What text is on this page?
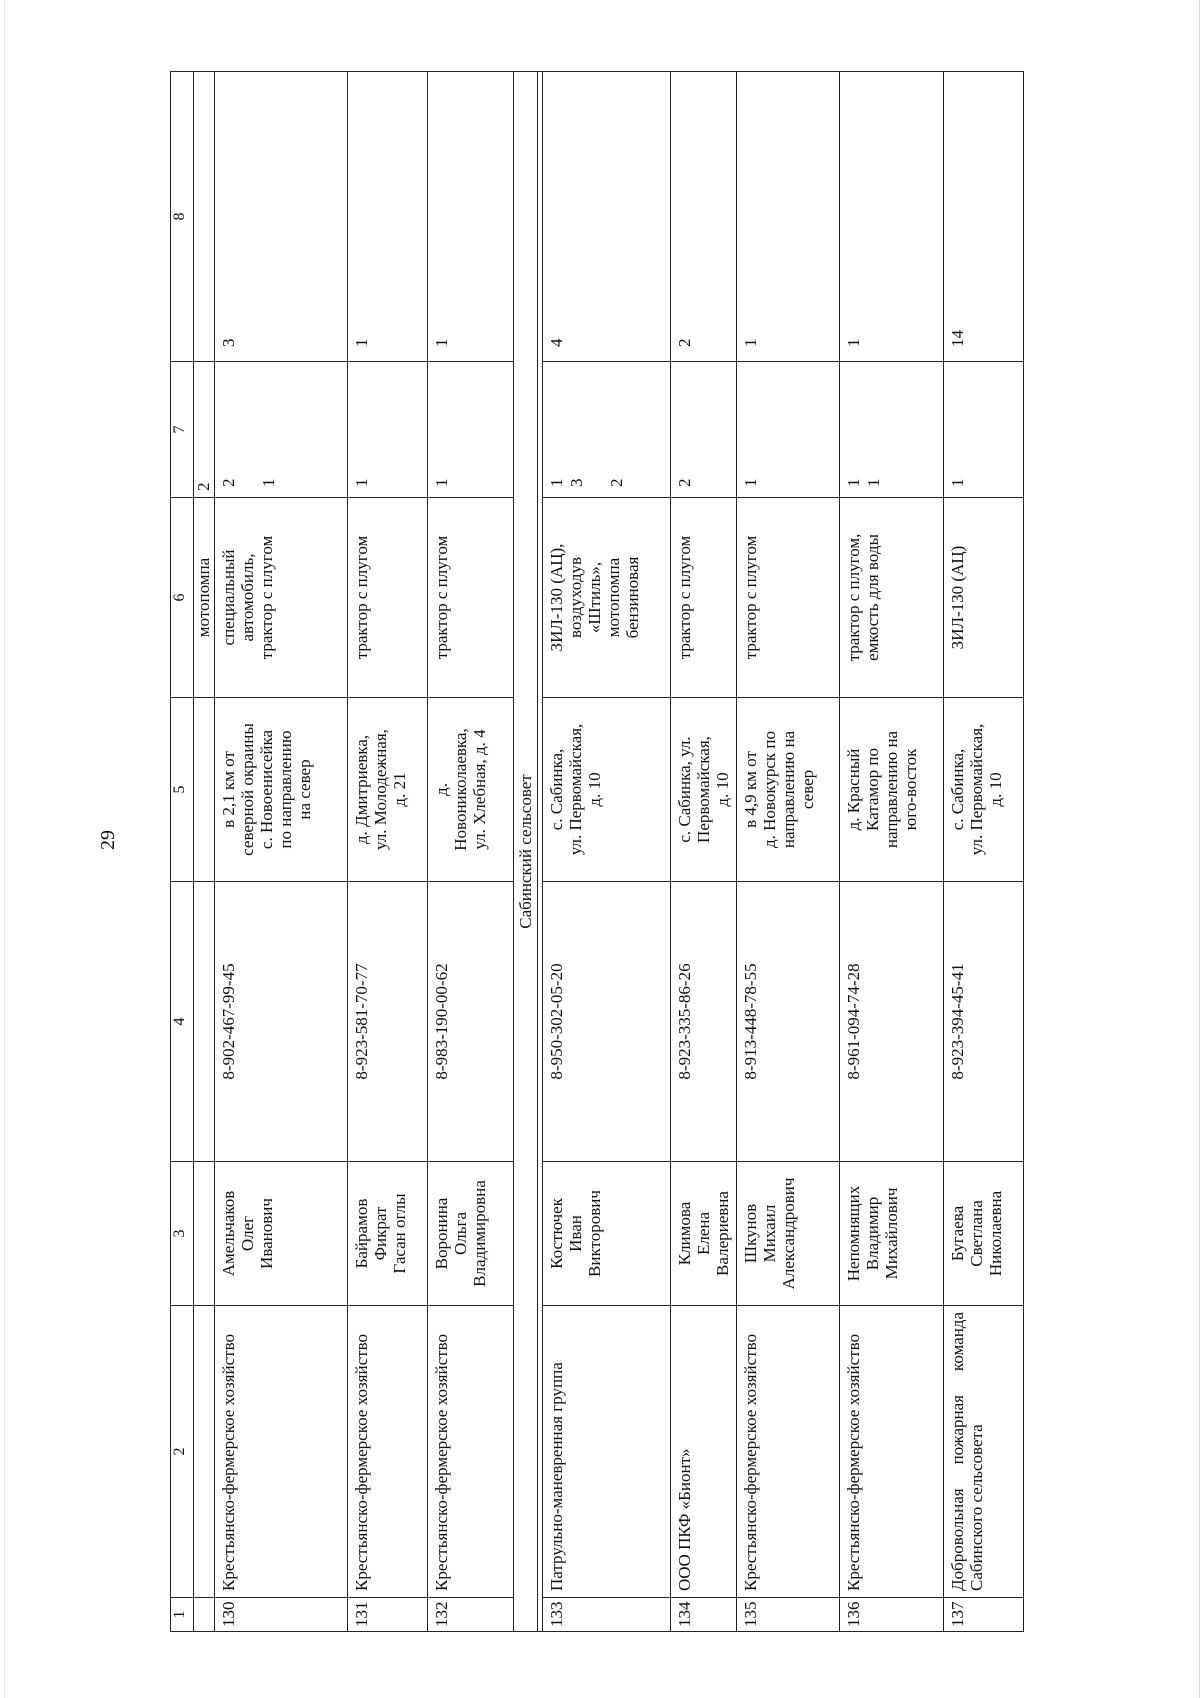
29
1	2	3	4	5	6	7	8
					мотопомпа	2	
130	Крестьянско-фермерское хозяйство	Амельчаков Олег Иванович	8-902-467-99-45	в 2,1 км от северной окраины с. Новоенисейка по направлению на север	специальный автомобиль, трактор с плугом	2 1	3
131	Крестьянско-фермерское хозяйство	Байрамов Фикрат Гасан оглы	8-923-581-70-77	д. Дмитриевка, ул. Молодежная, д. 21	трактор с плугом	1	1
132	Крестьянско-фермерское хозяйство	Воронина Ольга Владимировна	8-983-190-00-62	д. Новониколаевка, ул. Хлебная, д. 4	трактор с плугом	1	1
Сабинский сельсовет							

133	Патрульно-маневренная группа	Костючек Иван Викторович	8-950-302-05-20	с. Сабинка, ул. Первомайская, д. 10	ЗИЛ-130 (АЦ), воздуходув «Штиль», мотопомпа бензиновая	1 3 2	4
134	ООО ПКФ «Бионт»	Климова Елена Валериевна	8-923-335-86-26	с. Сабинка, ул. Первомайская, д. 10	трактор с плугом	2	2
135	Крестьянско-фермерское хозяйство	Шкунов Михаил Александрович	8-913-448-78-55	в 4,9 км от д. Новокурск по направлению на север	трактор с плугом	1	1
136	Крестьянско-фермерское хозяйство	Непомнящих Владимир Михайлович	8-961-094-74-28	д. Красный Катамор по направлению на юго-восток	трактор с плугом, емкость для воды	1 1	1
137	Добровольная пожарная команда Сабинского сельсовета	Бугаева Светлана Николаевна	8-923-394-45-41	с. Сабинка, ул. Первомайская, д. 10	ЗИЛ-130 (АЦ)	1	14
